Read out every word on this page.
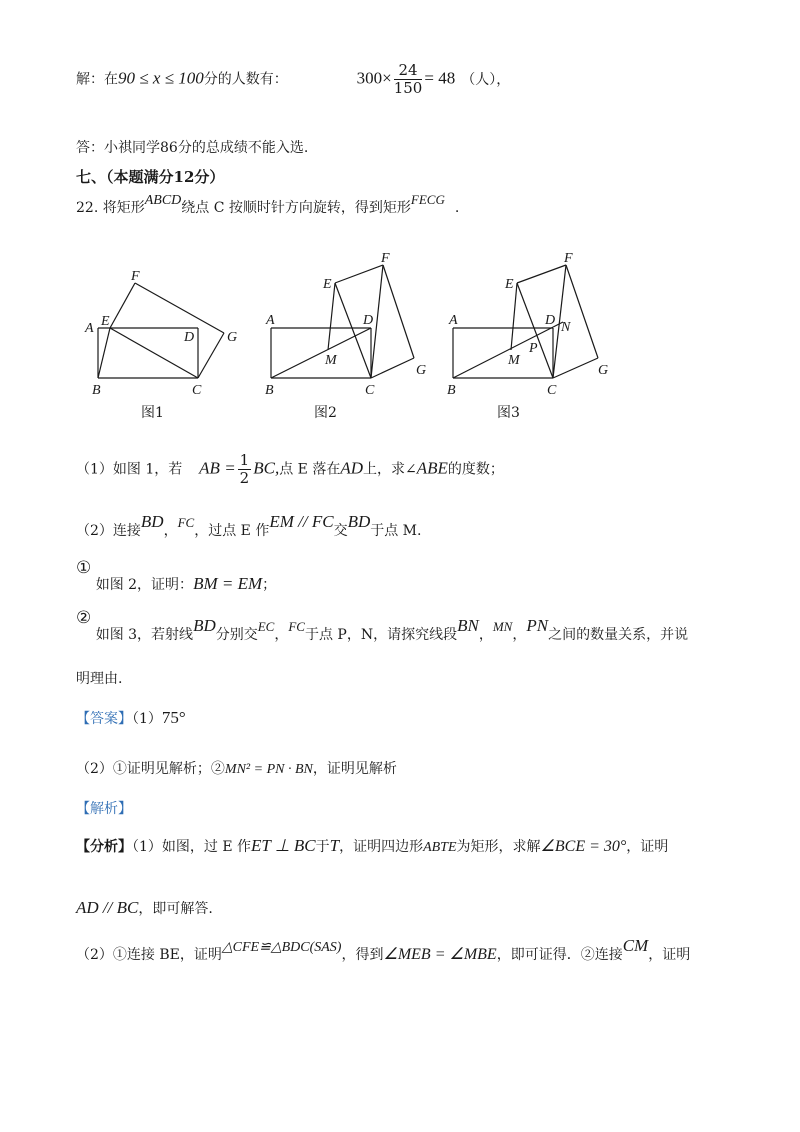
解：在90 ≤ x ≤ 100分的人数有：	$300\times \frac{24}{150} = 48$ （人），
答：小祺同学86分的总成绩不能入选.
七、（本题满分12分）
22. 将矩形ABCD绕点 C 按顺时针方向旋转，得到矩形FECG.
F
A E
D G
B	C
F
E
A	D
M
G
B	C
F
E
A	D N
P
M
G
B	C
图1	图2	图3
（1）如图 1，若 AB = $\frac{1}{2}$ BC,点 E 落在AD上，求∠ABE的度数；
（2）连接BD，FC，过点 E 作EM // FC交BD于点 M.
① 如图 2，证明：BM = EM；
② 如图 3，若射线BD分别交EC，FC于点 P，N，请探究线段BN，MN，PN之间的数量关系，并说
明理由.
【答案】（1）75°
（2）①证明见解析；②MN² = PN · BN，证明见解析
【解析】
【分析】（1）如图，过 E 作ET ⊥ BC于T，证明四边形ABTE为矩形，求解∠BCE = 30°，证明
AD // BC，即可解答.
（2）①连接 BE，证明△CFE≌△BDC(SAS)，得到∠MEB = ∠MBE，即可证得．②连接CM，证明
